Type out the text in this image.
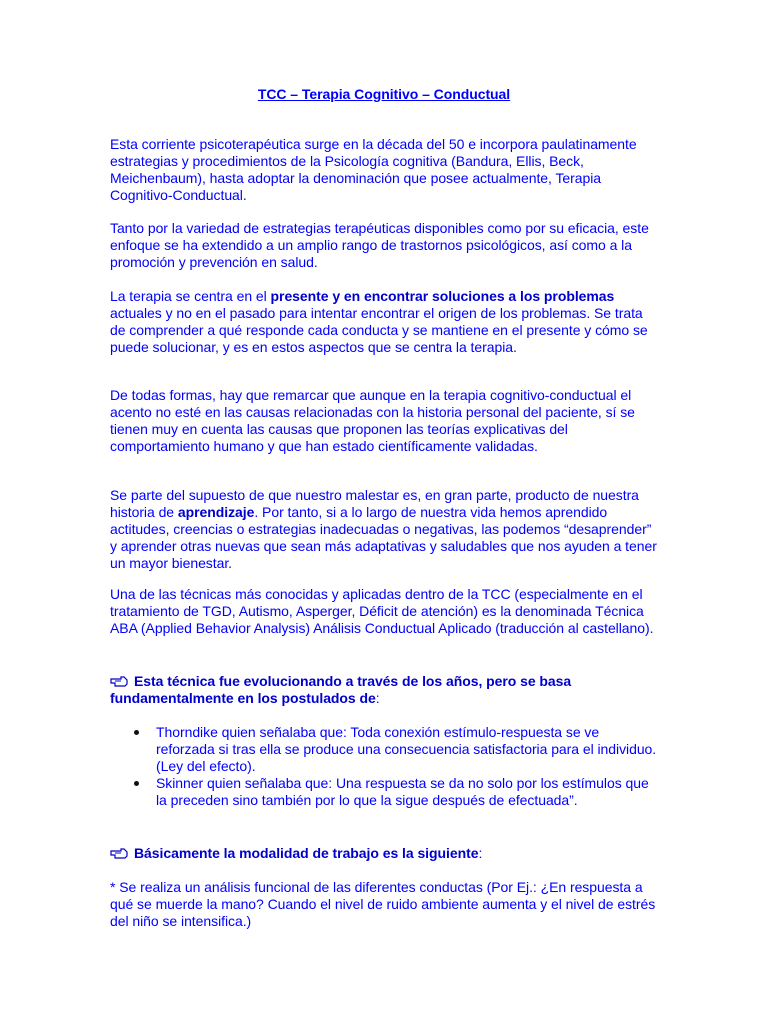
TCC – Terapia Cognitivo – Conductual

Esta corriente psicoterapéutica surge en la década del 50 e incorpora paulatinamente estrategias y procedimientos de la Psicología cognitiva (Bandura, Ellis, Beck, Meichenbaum), hasta adoptar la denominación que posee actualmente, Terapia Cognitivo-Conductual.

Tanto por la variedad de estrategias terapéuticas disponibles como por su eficacia, este enfoque se ha extendido a un amplio rango de trastornos psicológicos, así como a la promoción y prevención en salud.

La terapia se centra en el presente y en encontrar soluciones a los problemas actuales y no en el pasado para intentar encontrar el origen de los problemas. Se trata de comprender a qué responde cada conducta y se mantiene en el presente y cómo se puede solucionar, y es en estos aspectos que se centra la terapia.

De todas formas, hay que remarcar que aunque en la terapia cognitivo-conductual el acento no esté en las causas relacionadas con la historia personal del paciente, sí se tienen muy en cuenta las causas que proponen las teorías explicativas del comportamiento humano y que han estado científicamente validadas.

Se parte del supuesto de que nuestro malestar es, en gran parte, producto de nuestra historia de aprendizaje. Por tanto, si a lo largo de nuestra vida hemos aprendido actitudes, creencias o estrategias inadecuadas o negativas, las podemos “desaprender” y aprender otras nuevas que sean más adaptativas y saludables que nos ayuden a tener un mayor bienestar.

Una de las técnicas más conocidas y aplicadas dentro de la TCC (especialmente en el tratamiento de TGD, Autismo, Asperger, Déficit de atención) es la denominada Técnica ABA (Applied Behavior Analysis) Análisis Conductual Aplicado (traducción al castellano).

Esta técnica fue evolucionando a través de los años, pero se basa fundamentalmente en los postulados de:

Thorndike quien señalaba que: Toda conexión estímulo-respuesta se ve reforzada si tras ella se produce una consecuencia satisfactoria para el individuo. (Ley del efecto).
Skinner quien señalaba que: Una respuesta se da no solo por los estímulos que la preceden sino también por lo que la sigue después de efectuada”.

Básicamente la modalidad de trabajo es la siguiente:

* Se realiza un análisis funcional de las diferentes conductas (Por Ej.: ¿En respuesta a qué se muerde la mano? Cuando el nivel de ruido ambiente aumenta y el nivel de estrés del niño se intensifica.)
